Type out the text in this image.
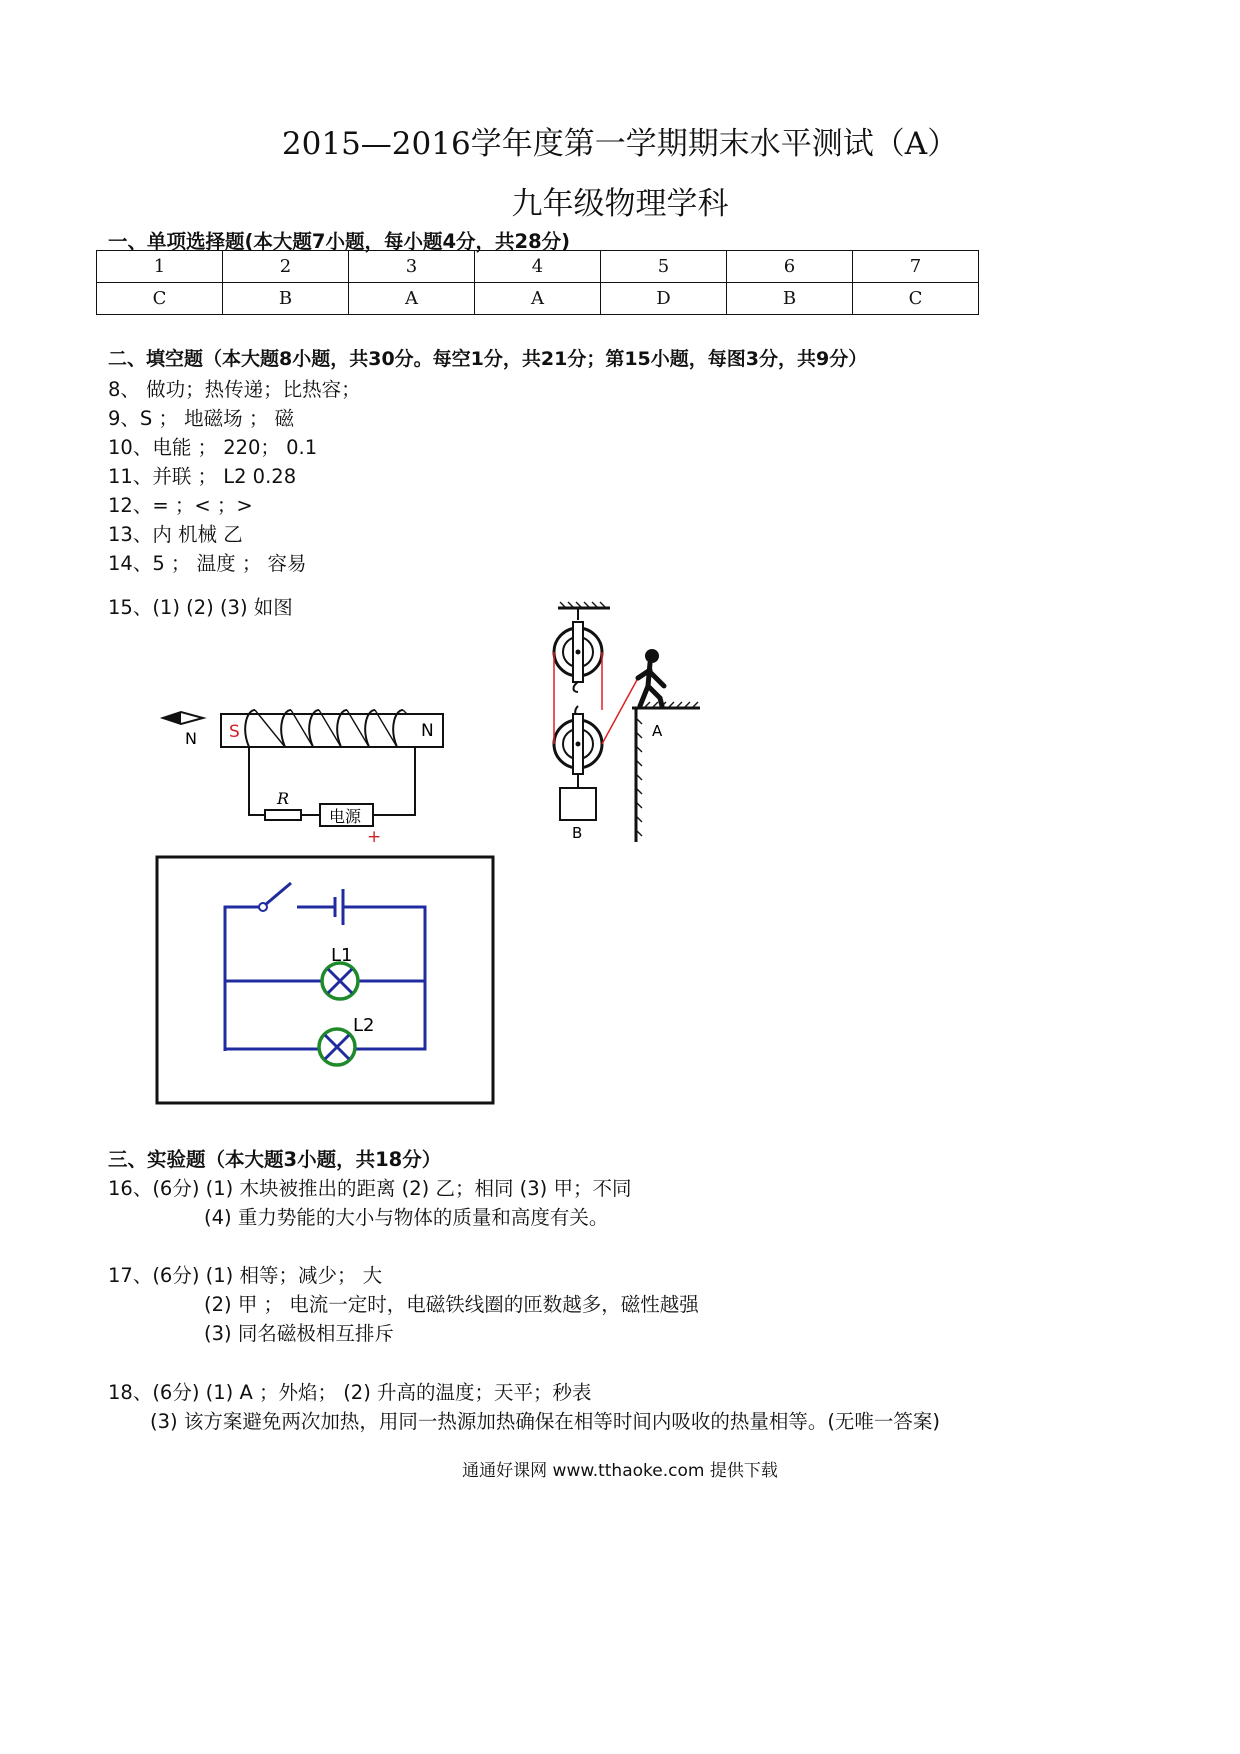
2015—2016学年度第一学期期末水平测试（A）
九年级物理学科
一、单项选择题(本大题7小题，每小题4分，共28分)
1	2	3	4	5	6	7
C	B	A	A	D	B	C
二、填空题（本大题8小题，共30分。每空1分，共21分；第15小题，每图3分，共9分）
8、 做功；热传递；比热容；
9、S ； 地磁场 ； 磁
10、电能 ； 220； 0.1
11、并联 ； L2 0.28
12、= ；< ；>
13、内 机械 乙
14、5 ； 温度 ； 容易
15、(1) (2) (3) 如图
N S	N
R
电源
+	B
A
L1
L2
三、实验题（本大题3小题，共18分）
16、(6分) (1) 木块被推出的距离 (2) 乙；相同 (3) 甲；不同
(4) 重力势能的大小与物体的质量和高度有关。
17、(6分) (1) 相等；减少； 大
(2) 甲 ； 电流一定时，电磁铁线圈的匝数越多，磁性越强
(3) 同名磁极相互排斥
18、(6分) (1) A ；外焰； (2) 升高的温度；天平；秒表
(3) 该方案避免两次加热，用同一热源加热确保在相等时间内吸收的热量相等。(无唯一答案)
通通好课网 www.tthaoke.com 提供下载
